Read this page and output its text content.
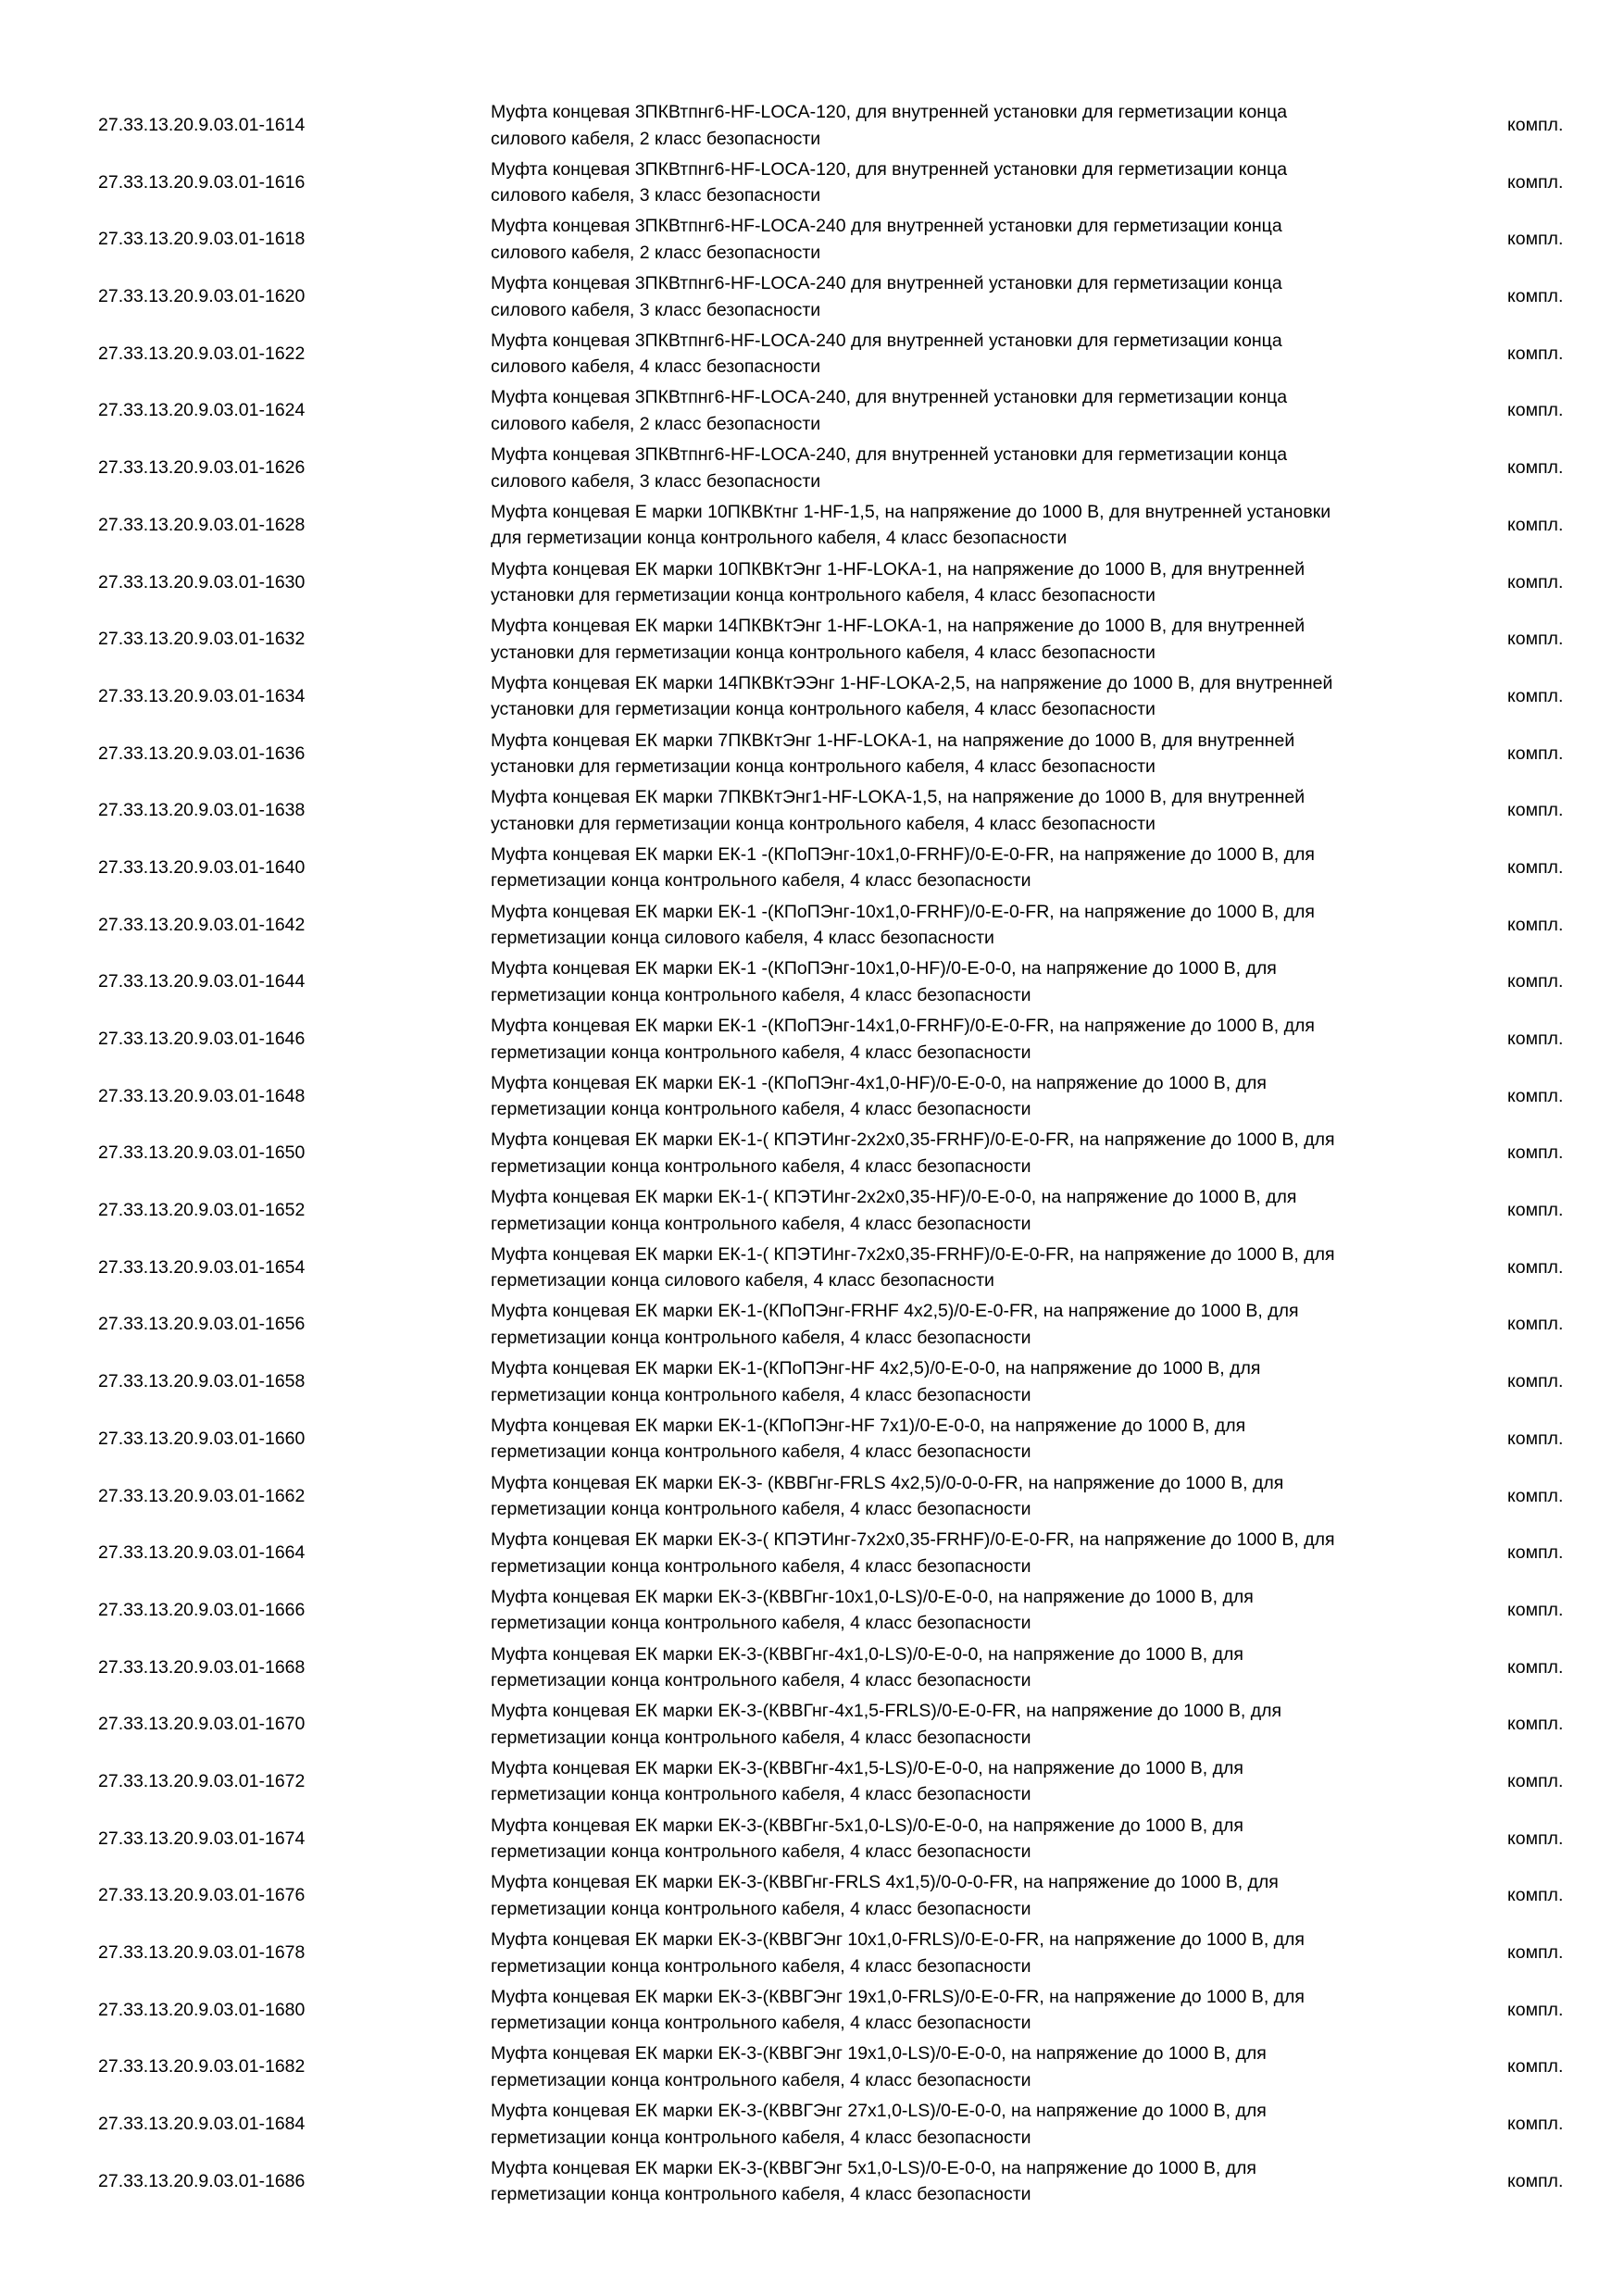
27.33.13.20.9.03.01-1614
Муфта концевая 3ПКВтпнг6-HF-LOCA-120, для внутренней установки для герметизации конца
силового кабеля, 2 класс безопасности
компл.
27.33.13.20.9.03.01-1616
Муфта концевая 3ПКВтпнг6-HF-LOCA-120, для внутренней установки для герметизации конца
силового кабеля, 3 класс безопасности
компл.
27.33.13.20.9.03.01-1618
Муфта концевая 3ПКВтпнг6-HF-LOCA-240 для внутренней установки для герметизации конца
силового кабеля, 2 класс безопасности
компл.
27.33.13.20.9.03.01-1620
Муфта концевая 3ПКВтпнг6-HF-LOCA-240 для внутренней установки для герметизации конца
силового кабеля, 3 класс безопасности
компл.
27.33.13.20.9.03.01-1622
Муфта концевая 3ПКВтпнг6-HF-LOCA-240 для внутренней установки для герметизации конца
силового кабеля, 4 класс безопасности
компл.
27.33.13.20.9.03.01-1624
Муфта концевая 3ПКВтпнг6-HF-LOCA-240, для внутренней установки для герметизации конца
силового кабеля, 2 класс безопасности
компл.
27.33.13.20.9.03.01-1626
Муфта концевая 3ПКВтпнг6-HF-LOCA-240, для внутренней установки для герметизации конца
силового кабеля, 3 класс безопасности
компл.
27.33.13.20.9.03.01-1628
Муфта концевая Е марки 10ПКВКтнг 1-HF-1,5, на напряжение до 1000 В, для внутренней установки
для герметизации конца контрольного кабеля, 4 класс безопасности
компл.
27.33.13.20.9.03.01-1630
Муфта концевая ЕК марки 10ПКВКтЭнг 1-HF-LOKA-1, на напряжение до 1000 В, для внутренней
установки для герметизации конца контрольного кабеля, 4 класс безопасности
компл.
27.33.13.20.9.03.01-1632
Муфта концевая ЕК марки 14ПКВКтЭнг 1-HF-LOKA-1, на напряжение до 1000 В, для внутренней
установки для герметизации конца контрольного кабеля, 4 класс безопасности
компл.
27.33.13.20.9.03.01-1634
Муфта концевая ЕК марки 14ПКВКтЭЭнг 1-HF-LOKA-2,5, на напряжение до 1000 В, для внутренней
установки для герметизации конца контрольного кабеля, 4 класс безопасности
компл.
27.33.13.20.9.03.01-1636
Муфта концевая ЕК марки 7ПКВКтЭнг 1-HF-LOKA-1, на напряжение до 1000 В, для внутренней
установки для герметизации конца контрольного кабеля, 4 класс безопасности
компл.
27.33.13.20.9.03.01-1638
Муфта концевая ЕК марки 7ПКВКтЭнг1-HF-LOKA-1,5, на напряжение до 1000 В, для внутренней
установки для герметизации конца контрольного кабеля, 4 класс безопасности
компл.
27.33.13.20.9.03.01-1640
Муфта концевая ЕК марки ЕК-1 -(КПоПЭнг-10х1,0-FRHF)/0-Е-0-FR, на напряжение до 1000 В, для
герметизации конца контрольного кабеля, 4 класс безопасности
компл.
27.33.13.20.9.03.01-1642
Муфта концевая ЕК марки ЕК-1 -(КПоПЭнг-10х1,0-FRHF)/0-Е-0-FR, на напряжение до 1000 В, для
герметизации конца силового кабеля, 4 класс безопасности
компл.
27.33.13.20.9.03.01-1644
Муфта концевая ЕК марки ЕК-1 -(КПоПЭнг-10х1,0-HF)/0-Е-0-0, на напряжение до 1000 В, для
герметизации конца контрольного кабеля, 4 класс безопасности
компл.
27.33.13.20.9.03.01-1646
Муфта концевая ЕК марки ЕК-1 -(КПоПЭнг-14х1,0-FRHF)/0-Е-0-FR, на напряжение до 1000 В, для
герметизации конца контрольного кабеля, 4 класс безопасности
компл.
27.33.13.20.9.03.01-1648
Муфта концевая ЕК марки ЕК-1 -(КПоПЭнг-4х1,0-HF)/0-Е-0-0, на напряжение до 1000 В, для
герметизации конца контрольного кабеля, 4 класс безопасности
компл.
27.33.13.20.9.03.01-1650
Муфта концевая ЕК марки ЕК-1-( КПЭТИнг-2х2х0,35-FRHF)/0-Е-0-FR, на напряжение до 1000 В, для
герметизации конца контрольного кабеля, 4 класс безопасности
компл.
27.33.13.20.9.03.01-1652
Муфта концевая ЕК марки ЕК-1-( КПЭТИнг-2х2х0,35-HF)/0-Е-0-0, на напряжение до 1000 В, для
герметизации конца контрольного кабеля, 4 класс безопасности
компл.
27.33.13.20.9.03.01-1654
Муфта концевая ЕК марки ЕК-1-( КПЭТИнг-7х2х0,35-FRHF)/0-Е-0-FR, на напряжение до 1000 В, для
герметизации конца силового кабеля, 4 класс безопасности
компл.
27.33.13.20.9.03.01-1656
Муфта концевая ЕК марки ЕК-1-(КПоПЭнг-FRHF 4х2,5)/0-Е-0-FR, на напряжение до 1000 В, для
герметизации конца контрольного кабеля, 4 класс безопасности
компл.
27.33.13.20.9.03.01-1658
Муфта концевая ЕК марки ЕК-1-(КПоПЭнг-HF 4х2,5)/0-Е-0-0, на напряжение до 1000 В, для
герметизации конца контрольного кабеля, 4 класс безопасности
компл.
27.33.13.20.9.03.01-1660
Муфта концевая ЕК марки ЕК-1-(КПоПЭнг-HF 7х1)/0-Е-0-0, на напряжение до 1000 В, для
герметизации конца контрольного кабеля, 4 класс безопасности
компл.
27.33.13.20.9.03.01-1662
Муфта концевая ЕК марки ЕК-3- (КВВГнг-FRLS 4х2,5)/0-0-0-FR, на напряжение до 1000 В, для
герметизации конца контрольного кабеля, 4 класс безопасности
компл.
27.33.13.20.9.03.01-1664
Муфта концевая ЕК марки ЕК-3-( КПЭТИнг-7х2х0,35-FRHF)/0-Е-0-FR, на напряжение до 1000 В, для
герметизации конца контрольного кабеля, 4 класс безопасности
компл.
27.33.13.20.9.03.01-1666
Муфта концевая ЕК марки ЕК-3-(КВВГнг-10х1,0-LS)/0-Е-0-0, на напряжение до 1000 В, для
герметизации конца контрольного кабеля, 4 класс безопасности
компл.
27.33.13.20.9.03.01-1668
Муфта концевая ЕК марки ЕК-3-(КВВГнг-4х1,0-LS)/0-Е-0-0, на напряжение до 1000 В, для
герметизации конца контрольного кабеля, 4 класс безопасности
компл.
27.33.13.20.9.03.01-1670
Муфта концевая ЕК марки ЕК-3-(КВВГнг-4х1,5-FRLS)/0-Е-0-FR, на напряжение до 1000 В, для
герметизации конца контрольного кабеля, 4 класс безопасности
компл.
27.33.13.20.9.03.01-1672
Муфта концевая ЕК марки ЕК-3-(КВВГнг-4х1,5-LS)/0-Е-0-0, на напряжение до 1000 В, для
герметизации конца контрольного кабеля, 4 класс безопасности
компл.
27.33.13.20.9.03.01-1674
Муфта концевая ЕК марки ЕК-3-(КВВГнг-5х1,0-LS)/0-Е-0-0, на напряжение до 1000 В, для
герметизации конца контрольного кабеля, 4 класс безопасности
компл.
27.33.13.20.9.03.01-1676
Муфта концевая ЕК марки ЕК-3-(КВВГнг-FRLS 4х1,5)/0-0-0-FR, на напряжение до 1000 В, для
герметизации конца контрольного кабеля, 4 класс безопасности
компл.
27.33.13.20.9.03.01-1678
Муфта концевая ЕК марки ЕК-3-(КВВГЭнг 10х1,0-FRLS)/0-Е-0-FR, на напряжение до 1000 В, для
герметизации конца контрольного кабеля, 4 класс безопасности
компл.
27.33.13.20.9.03.01-1680
Муфта концевая ЕК марки ЕК-3-(КВВГЭнг 19х1,0-FRLS)/0-Е-0-FR, на напряжение до 1000 В, для
герметизации конца контрольного кабеля, 4 класс безопасности
компл.
27.33.13.20.9.03.01-1682
Муфта концевая ЕК марки ЕК-3-(КВВГЭнг 19х1,0-LS)/0-Е-0-0, на напряжение до 1000 В, для
герметизации конца контрольного кабеля, 4 класс безопасности
компл.
27.33.13.20.9.03.01-1684
Муфта концевая ЕК марки ЕК-3-(КВВГЭнг 27х1,0-LS)/0-Е-0-0, на напряжение до 1000 В, для
герметизации конца контрольного кабеля, 4 класс безопасности
компл.
27.33.13.20.9.03.01-1686
Муфта концевая ЕК марки ЕК-3-(КВВГЭнг 5х1,0-LS)/0-Е-0-0, на напряжение до 1000 В, для
герметизации конца контрольного кабеля, 4 класс безопасности
компл.
